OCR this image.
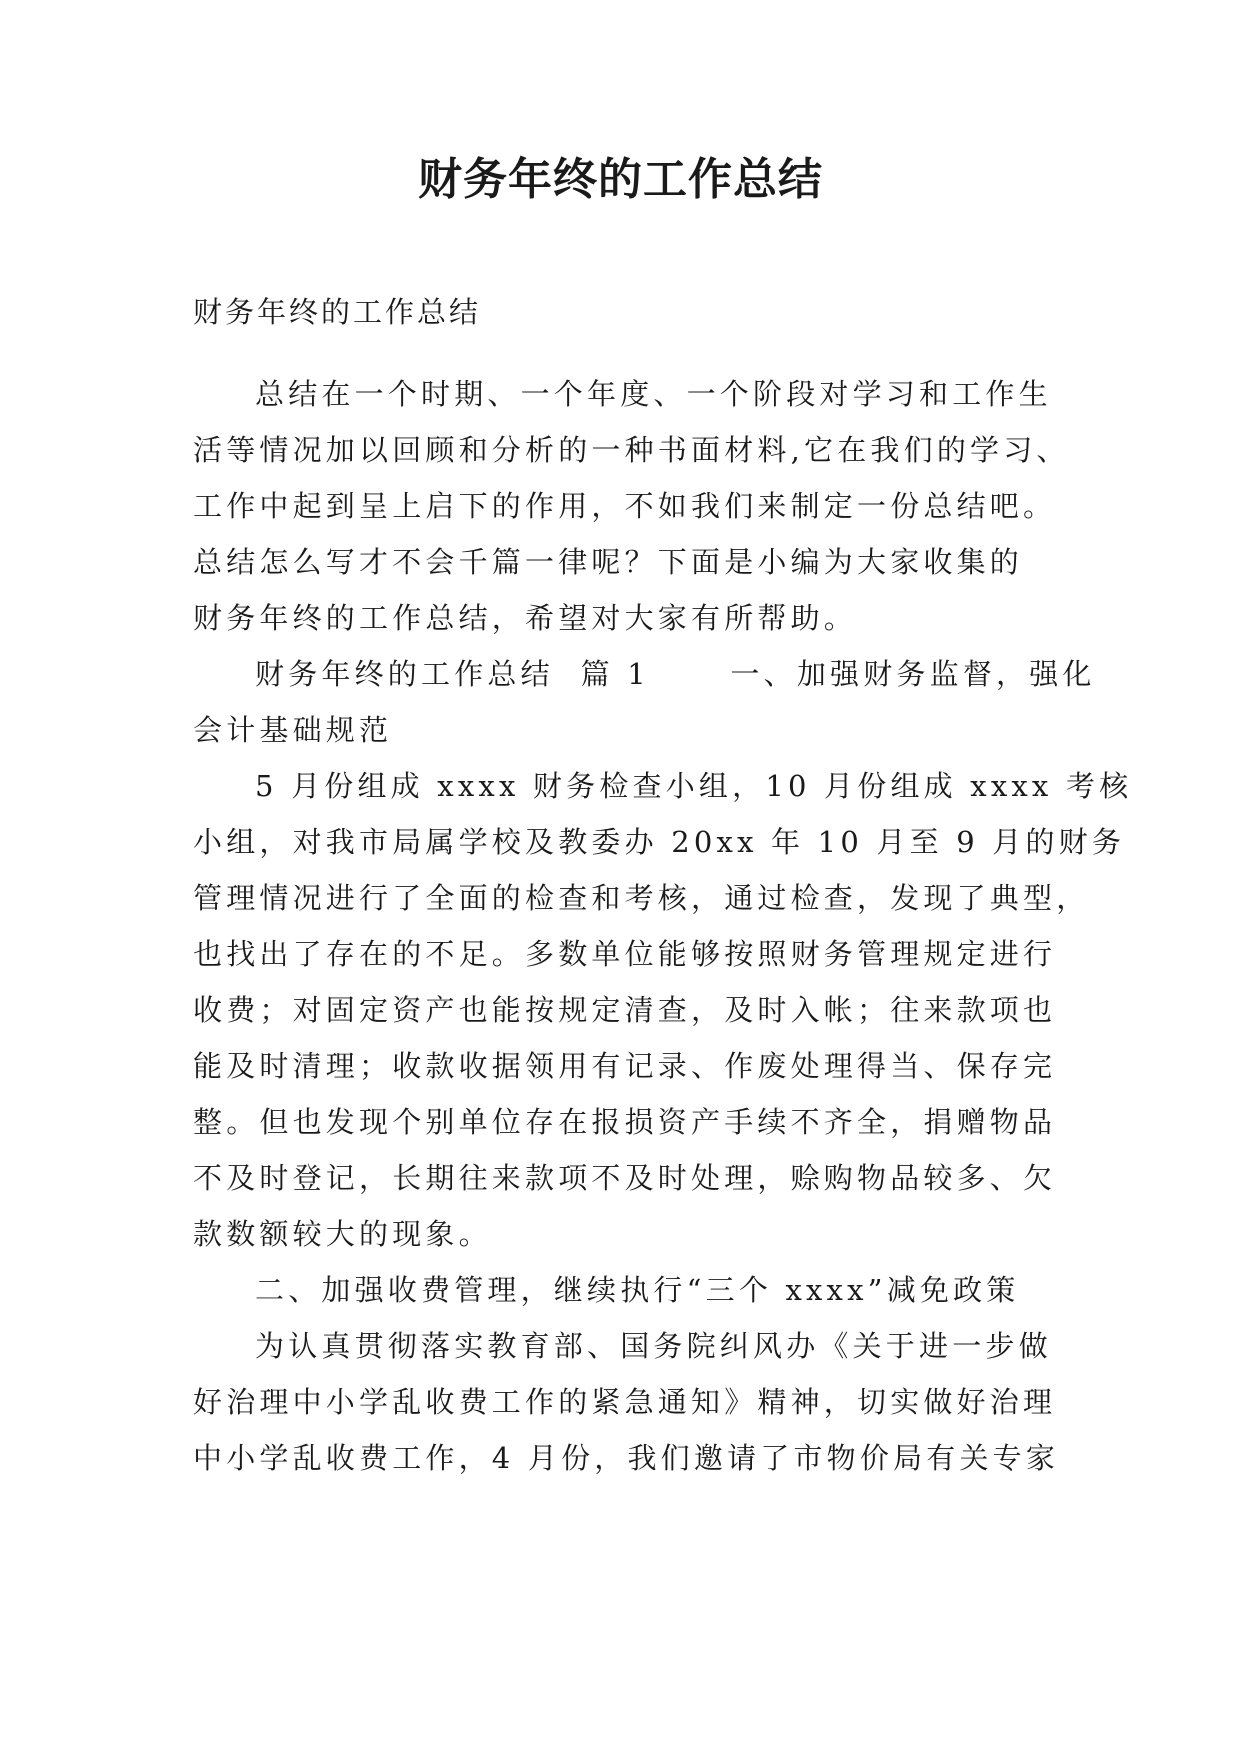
财务年终的工作总结
财务年终的工作总结
总结在一个时期、一个年度、一个阶段对学习和工作生
活等情况加以回顾和分析的一种书面材料,它在我们的学习、
工作中起到呈上启下的作用，不如我们来制定一份总结吧。
总结怎么写才不会千篇一律呢？下面是小编为大家收集的
财务年终的工作总结，希望对大家有所帮助。
财务年终的工作总结  篇 1      一、加强财务监督，强化
会计基础规范
5 月份组成 xxxx 财务检查小组，10 月份组成 xxxx 考核
小组，对我市局属学校及教委办 20xx 年 10 月至 9 月的财务
管理情况进行了全面的检查和考核，通过检查，发现了典型，
也找出了存在的不足。多数单位能够按照财务管理规定进行
收费；对固定资产也能按规定清查，及时入帐；往来款项也
能及时清理；收款收据领用有记录、作废处理得当、保存完
整。但也发现个别单位存在报损资产手续不齐全，捐赠物品
不及时登记，长期往来款项不及时处理，赊购物品较多、欠
款数额较大的现象。
二、加强收费管理，继续执行“三个 xxxx”减免政策
为认真贯彻落实教育部、国务院纠风办《关于进一步做
好治理中小学乱收费工作的紧急通知》精神，切实做好治理
中小学乱收费工作，4 月份，我们邀请了市物价局有关专家
